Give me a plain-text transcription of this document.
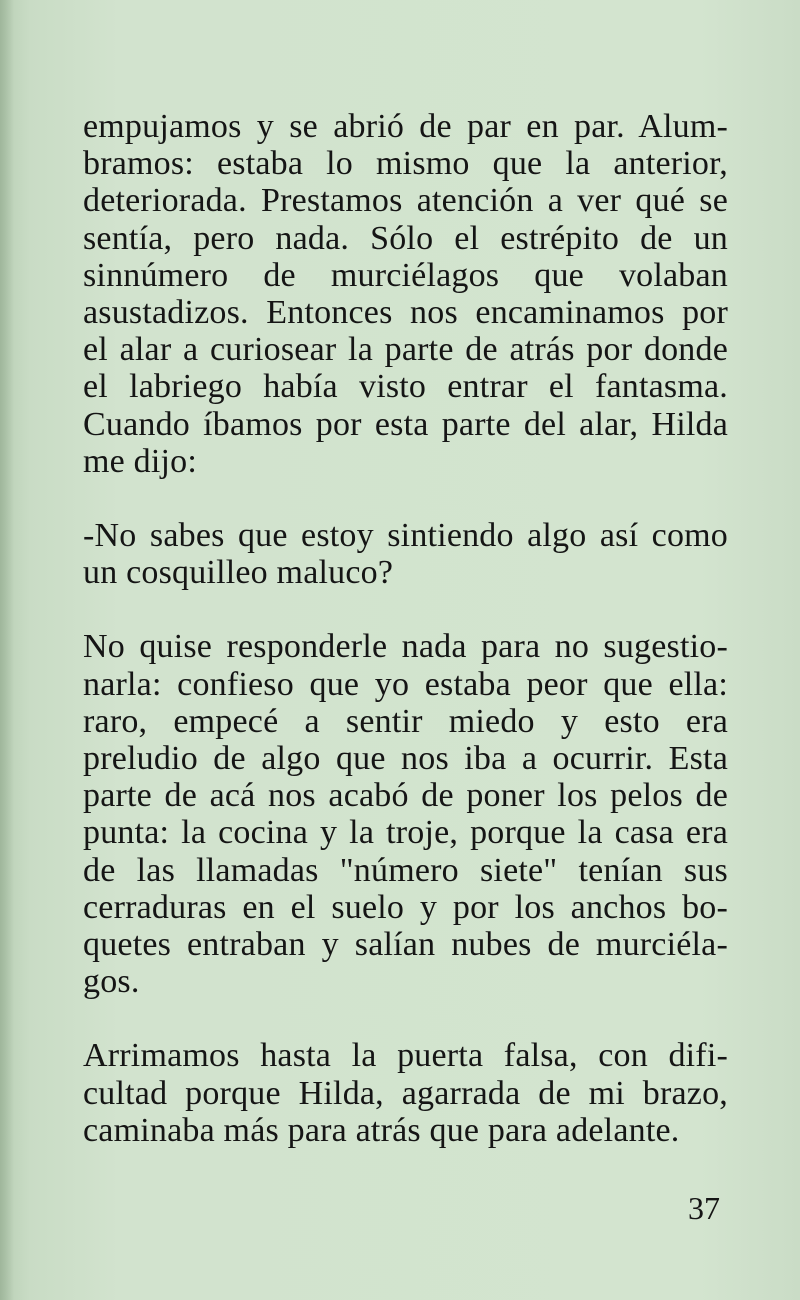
empujamos y se abrió de par en par. Alum-
bramos: estaba lo mismo que la anterior,
deteriorada. Prestamos atención a ver qué se
sentía, pero nada. Sólo el estrépito de un
sinnúmero de murciélagos que volaban
asustadizos. Entonces nos encaminamos por
el alar a curiosear la parte de atrás por donde
el labriego había visto entrar el fantasma.
Cuando íbamos por esta parte del alar, Hilda
me dijo:
-No sabes que estoy sintiendo algo así como
un cosquilleo maluco?
No quise responderle nada para no sugestio-
narla: confieso que yo estaba peor que ella:
raro, empecé a sentir miedo y esto era
preludio de algo que nos iba a ocurrir. Esta
parte de acá nos acabó de poner los pelos de
punta: la cocina y la troje, porque la casa era
de las llamadas "número siete" tenían sus
cerraduras en el suelo y por los anchos bo-
quetes entraban y salían nubes de murciéla-
gos.
Arrimamos hasta la puerta falsa, con difi-
cultad porque Hilda, agarrada de mi brazo,
caminaba más para atrás que para adelante.
37
